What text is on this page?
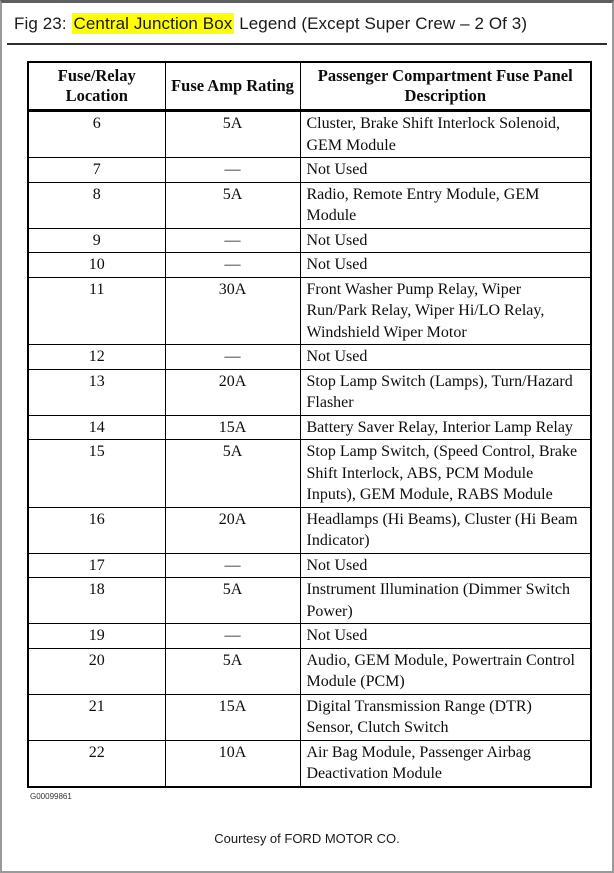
Fig 23: Central Junction Box Legend (Except Super Crew – 2 Of 3)
Fuse/Relay Location	Fuse Amp Rating	Passenger Compartment Fuse Panel Description
6	5A	Cluster, Brake Shift Interlock Solenoid, GEM Module
7	—	Not Used
8	5A	Radio, Remote Entry Module, GEM Module
9	—	Not Used
10	—	Not Used
11	30A	Front Washer Pump Relay, Wiper Run/Park Relay, Wiper Hi/LO Relay, Windshield Wiper Motor
12	—	Not Used
13	20A	Stop Lamp Switch (Lamps), Turn/Hazard Flasher
14	15A	Battery Saver Relay, Interior Lamp Relay
15	5A	Stop Lamp Switch, (Speed Control, Brake Shift Interlock, ABS, PCM Module Inputs), GEM Module, RABS Module
16	20A	Headlamps (Hi Beams), Cluster (Hi Beam Indicator)
17	—	Not Used
18	5A	Instrument Illumination (Dimmer Switch Power)
19	—	Not Used
20	5A	Audio, GEM Module, Powertrain Control Module (PCM)
21	15A	Digital Transmission Range (DTR) Sensor, Clutch Switch
22	10A	Air Bag Module, Passenger Airbag Deactivation Module
G00099861
Courtesy of FORD MOTOR CO.
